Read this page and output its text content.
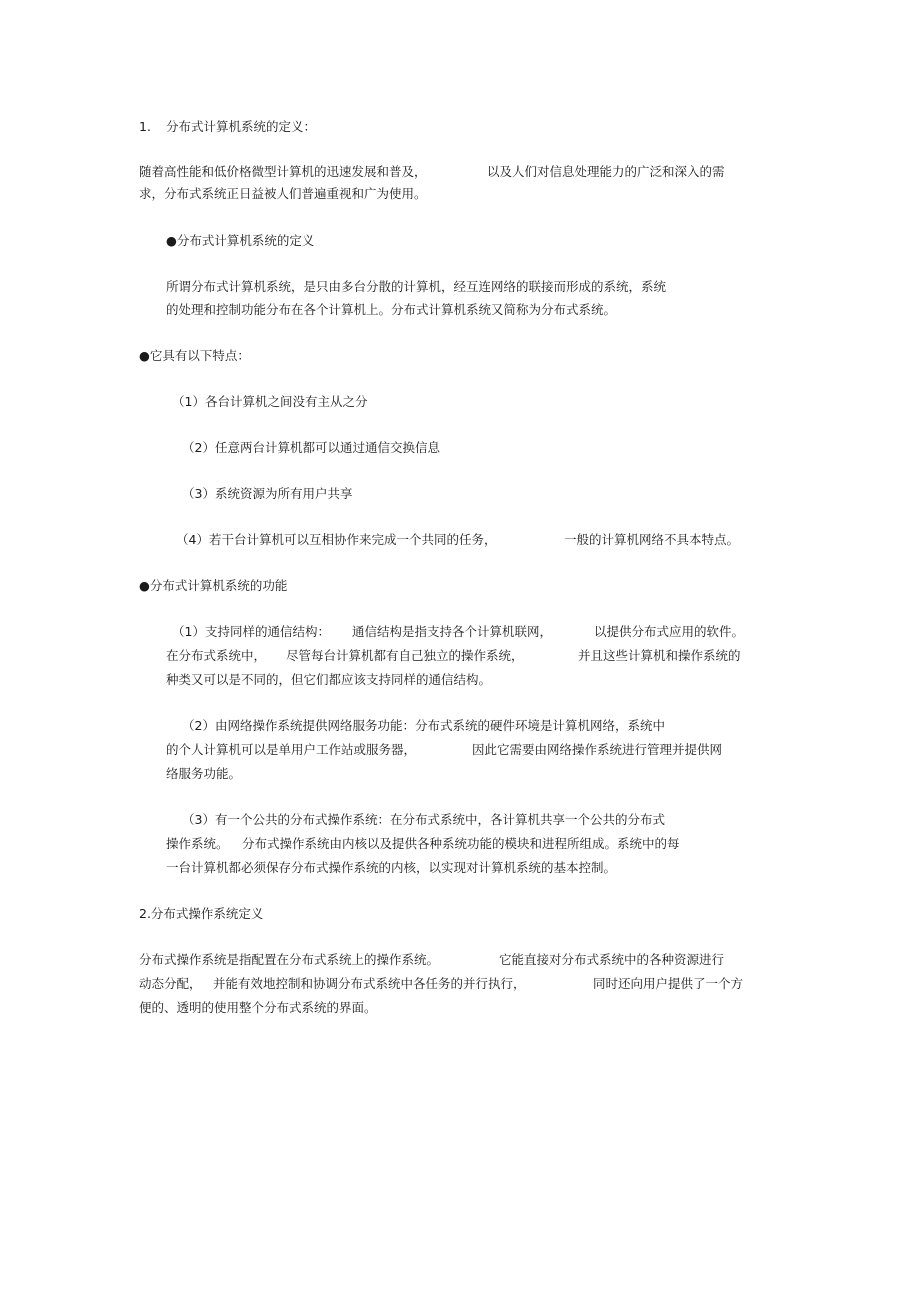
1. 分布式计算机系统的定义：
随着高性能和低价格微型计算机的迅速发展和普及，	以及人们对信息处理能力的广泛和深入的需
求，分布式系统正日益被人们普遍重视和广为使用。
●分布式计算机系统的定义
所谓分布式计算机系统，是只由多台分散的计算机，经互连网络的联接而形成的系统，系统
的处理和控制功能分布在各个计算机上。分布式计算机系统又简称为分布式系统。
●它具有以下特点：
（1）各台计算机之间没有主从之分
（2）任意两台计算机都可以通过通信交换信息
（3）系统资源为所有用户共享
（4）若干台计算机可以互相协作来完成一个共同的任务，	一般的计算机网络不具本特点。
●分布式计算机系统的功能
（1）支持同样的通信结构： 通信结构是指支持各个计算机联网，	以提供分布式应用的软件。
在分布式系统中， 尽管每台计算机都有自己独立的操作系统，	并且这些计算机和操作系统的
种类又可以是不同的，但它们都应该支持同样的通信结构。
（2）由网络操作系统提供网络服务功能：分布式系统的硬件环境是计算机网络，系统中
的个人计算机可以是单用户工作站或服务器，	因此它需要由网络操作系统进行管理并提供网
络服务功能。
（3）有一个公共的分布式操作系统：在分布式系统中，各计算机共享一个公共的分布式
操作系统。 分布式操作系统由内核以及提供各种系统功能的模块和进程所组成。系统中的每
一台计算机都必须保存分布式操作系统的内核，以实现对计算机系统的基本控制。
2.分布式操作系统定义
分布式操作系统是指配置在分布式系统上的操作系统。	它能直接对分布式系统中的各种资源进行
动态分配， 并能有效地控制和协调分布式系统中各任务的并行执行，	同时还向用户提供了一个方
便的、透明的使用整个分布式系统的界面。
